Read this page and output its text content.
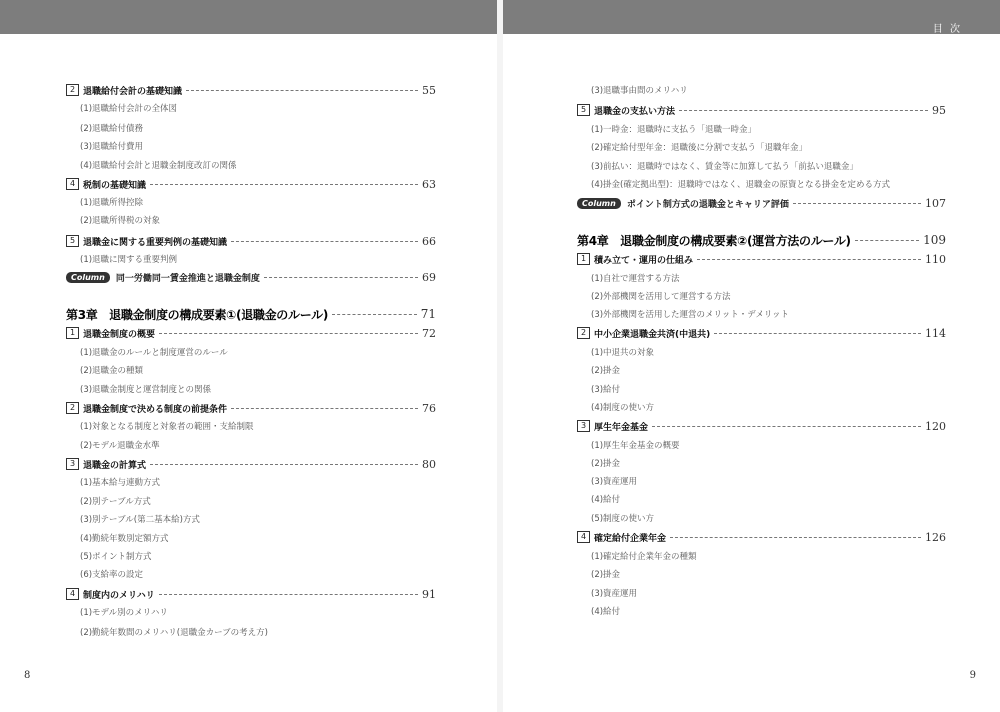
目 次
2 退職給付会計の基礎知識	55
(1)退職給付会計の全体図
(2)退職給付債務
(3)退職給付費用
(4)退職給付会計と退職金制度改訂の関係
4 税制の基礎知識	63
(1)退職所得控除
(2)退職所得税の対象
5 退職金に関する重要判例の基礎知識	66
(1)退職に関する重要判例
Column	同一労働同一賃金推進と退職金制度	69
第3章　退職金制度の構成要素①(退職金のルール)	71
1 退職金制度の概要	72
(1)退職金のルールと制度運営のルール
(2)退職金の種類
(3)退職金制度と運営制度との関係
2 退職金制度で決める制度の前提条件	76
(1)対象となる制度と対象者の範囲・支給制限
(2)モデル退職金水準
3 退職金の計算式	80
(1)基本給与連動方式
(2)別テーブル方式
(3)別テーブル(第二基本給)方式
(4)勤続年数別定額方式
(5)ポイント制方式
(6)支給率の設定
4 制度内のメリハリ	91
(1)モデル別のメリハリ
(2)勤続年数間のメリハリ(退職金カーブの考え方)
(3)退職事由間のメリハリ
5 退職金の支払い方法	95
(1)一時金：退職時に支払う「退職一時金」
(2)確定給付型年金：退職後に分割で支払う「退職年金」
(3)前払い：退職時ではなく、賃金等に加算して払う「前払い退職金」
(4)掛金(確定拠出型)：退職時ではなく、退職金の原資となる掛金を定める方式
Column	ポイント制方式の退職金とキャリア評価	107
第4章　退職金制度の構成要素②(運営方法のルール)	109
1 積み立て・運用の仕組み	110
(1)自社で運営する方法
(2)外部機関を活用して運営する方法
(3)外部機関を活用した運営のメリット・デメリット
2 中小企業退職金共済(中退共)	114
(1)中退共の対象
(2)掛金
(3)給付
(4)制度の使い方
3 厚生年金基金	120
(1)厚生年金基金の概要
(2)掛金
(3)資産運用
(4)給付
(5)制度の使い方
4 確定給付企業年金	126
(1)確定給付企業年金の種類
(2)掛金
(3)資産運用
(4)給付
8	9
